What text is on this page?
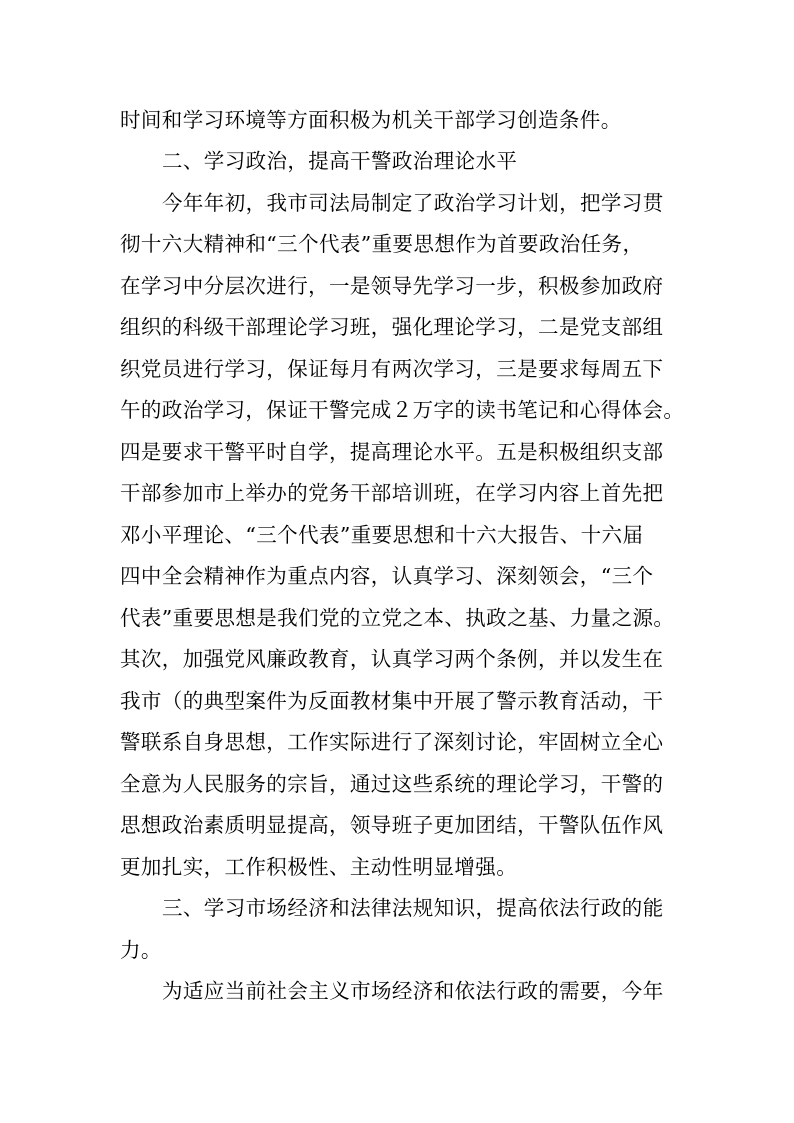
时间和学习环境等方面积极为机关干部学习创造条件。
二、学习政治，提高干警政治理论水平
今年年初，我市司法局制定了政治学习计划，把学习贯
彻十六大精神和“三个代表”重要思想作为首要政治任务，
在学习中分层次进行，一是领导先学习一步，积极参加政府
组织的科级干部理论学习班，强化理论学习，二是党支部组
织党员进行学习，保证每月有两次学习，三是要求每周五下
午的政治学习，保证干警完成２万字的读书笔记和心得体会。
四是要求干警平时自学，提高理论水平。五是积极组织支部
干部参加市上举办的党务干部培训班，在学习内容上首先把
邓小平理论、“三个代表”重要思想和十六大报告、十六届
四中全会精神作为重点内容，认真学习、深刻领会，“三个
代表”重要思想是我们党的立党之本、执政之基、力量之源。
其次，加强党风廉政教育，认真学习两个条例，并以发生在
我市（的典型案件为反面教材集中开展了警示教育活动，干
警联系自身思想，工作实际进行了深刻讨论，牢固树立全心
全意为人民服务的宗旨，通过这些系统的理论学习，干警的
思想政治素质明显提高，领导班子更加团结，干警队伍作风
更加扎实，工作积极性、主动性明显增强。
三、学习市场经济和法律法规知识，提高依法行政的能
力。
为适应当前社会主义市场经济和依法行政的需要，今年
